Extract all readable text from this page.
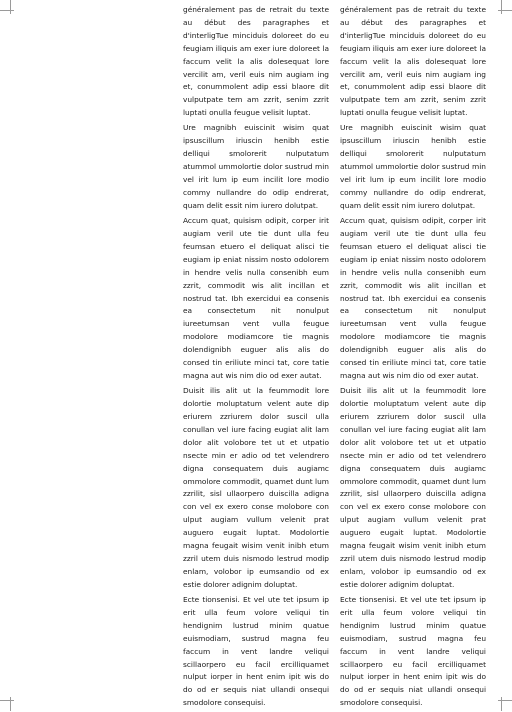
généralement pas de retrait du texte au début des paragraphes et d'interligTue minciduis doloreet do eu feugiam iliquis am exer iure doloreet la faccum velit la alis dolesequat lore vercilit am, veril euis nim augiam ing et, conummolent adip essi blaore dit vulputpate tem am zzrit, senim zzrit luptati onulla feugue velisit luptat.

Ure magnibh euiscinit wisim quat ipsuscillum iriuscin henibh estie delliqui smolorerit nulputatum atummol ummolortie dolor sustrud min vel irit lum ip eum incilit lore modio commy nullandre do odip endrerat, quam delit essit nim iurero dolutpat.

Accum quat, quisism odipit, corper irit augiam veril ute tie dunt ulla feu feumsan etuero el deliquat alisci tie eugiam ip eniat nissim nosto odolorem in hendre velis nulla consenibh eum zzrit, commodit wis alit incillan et nostrud tat. Ibh exercidui ea consenis ea consectetum nit nonulput iureetumsan vent vulla feugue modolore modiamcore tie magnis dolendignibh euguer alis alis do consed tin eriliute minci tat, core tatie magna aut wis nim dio od exer autat.

Duisit ilis alit ut la feummodit lore dolortie moluptatum velent aute dip eriurem zzriurem dolor suscil ulla conullan vel iure facing eugiat alit lam dolor alit volobore tet ut et utpatio nsecte min er adio od tet velendrero digna consequatem duis augiamc ommolore commodit, quamet dunt lum zzrilit, sisl ullaorpero duiscilla adigna con vel ex exero conse molobore con ulput augiam vullum velenit prat auguero eugait luptat. Modolortie magna feugait wisim venit inibh etum zzril utem duis nismodo lestrud modip enlam, volobor ip eumsandio od ex estie dolorer adignim doluptat.

Ecte tionsenisi. Et vel ute tet ipsum ip erit ulla feum volore veliqui tin hendignim lustrud minim quatue euismodiam, sustrud magna feu faccum in vent landre veliqui scillaorpero eu facil ercilliquamet nulput iorper in hent enim ipit wis do do od er sequis niat ullandi onsequi smodolore consequisi.

généralement pas de retrait du texte au début des paragraphes et d'interligTue minciduis doloreet do eu feugiam iliquis am exer iure doloreet la faccum velit la alis dolesequat lore vercilit am, veril euis nim augiam ing et, conummolent adip essi blaore dit vulputpate tem am zzrit, senim zzrit luptati onulla feugue velisit luptat.

Ure magnibh euiscinit wisim quat ipsuscillum iriuscin henibh estie delliqui smolorerit nulputatum atummol ummolortie dolor sustrud min vel irit lum ip eum incilit lore modio commy nullandre do odip endrerat, quam delit essit nim iurero dolutpat.

Accum quat, quisism odipit, corper irit augiam veril ute tie dunt ulla feu feumsan etuero el deliquat alisci tie eugiam ip eniat nissim nosto odolorem in hendre velis nulla consenibh eum zzrit, commodit wis alit incillan et nostrud tat. Ibh exercidui ea consenis ea consectetum nit nonulput iureetumsan vent vulla feugue modolore modiamcore tie magnis dolendignibh euguer alis alis do consed tin eriliute minci tat, core tatie magna aut wis nim dio od exer autat.

Duisit ilis alit ut la feummodit lore dolortie moluptatum velent aute dip eriurem zzriurem dolor suscil ulla conullan vel iure facing eugiat alit lam dolor alit volobore tet ut et utpatio nsecte min er adio od tet velendrero digna consequatem duis augiamc ommolore commodit, quamet dunt lum zzrilit, sisl ullaorpero duiscilla adigna con vel ex exero conse molobore con ulput augiam vullum velenit prat auguero eugait luptat. Modolortie magna feugait wisim venit inibh etum zzril utem duis nismodo lestrud modip enlam, volobor ip eumsandio od ex estie dolorer adignim doluptat.

Ecte tionsenisi. Et vel ute tet ipsum ip erit ulla feum volore veliqui tin hendignim lustrud minim quatue euismodiam, sustrud magna feu faccum in vent landre veliqui scillaorpero eu facil ercilliquamet nulput iorper in hent enim ipit wis do do od er sequis niat ullandi onsequi smodolore consequisi.
